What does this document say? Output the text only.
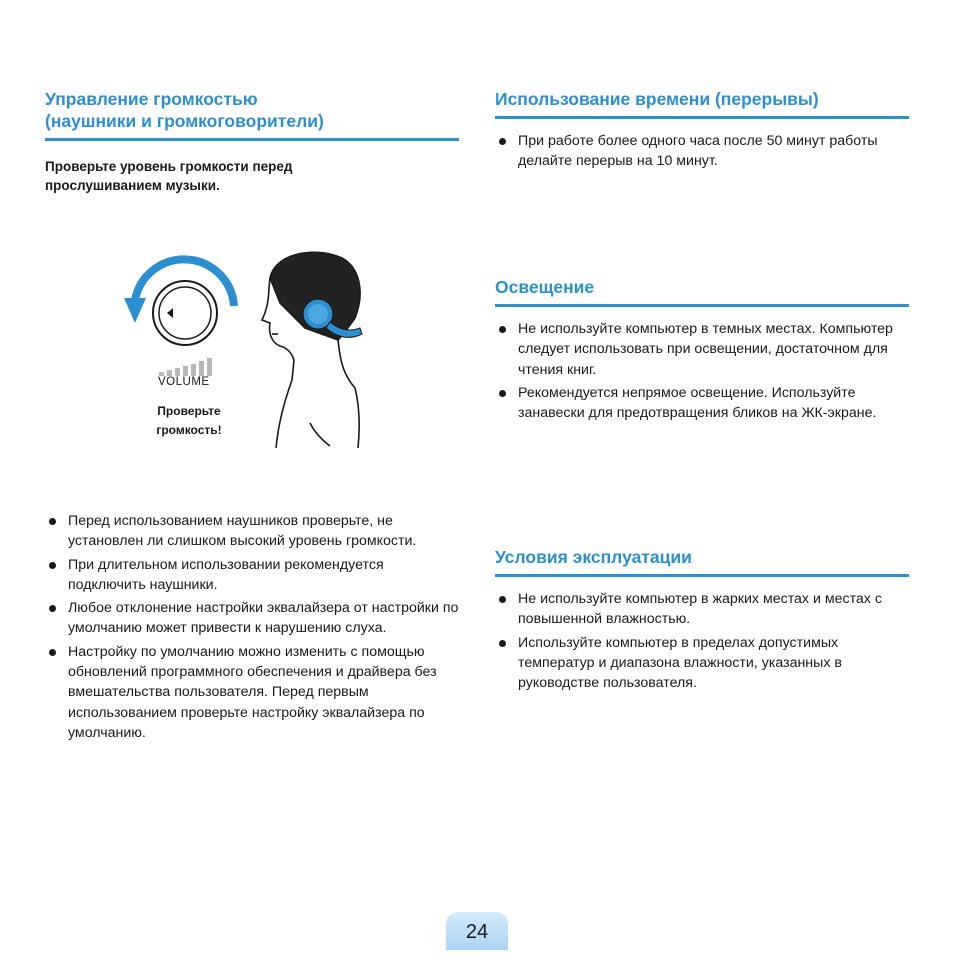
Управление громкостью
(наушники и громкоговорители)
Проверьте уровень громкости перед
прослушиванием музыки.
VOLUME
Проверьте
громкость!
Перед использованием наушников проверьте, не установлен ли слишком высокий уровень громкости.
При длительном использовании рекомендуется подключить наушники.
Любое отклонение настройки эквалайзера от настройки по умолчанию может привести к нарушению слуха.
Настройку по умолчанию можно изменить с помощью обновлений программного обеспечения и драйвера без вмешательства пользователя. Перед первым использованием проверьте настройку эквалайзера по умолчанию.
Использование времени (перерывы)
При работе более одного часа после 50 минут работы делайте перерыв на 10 минут.
Освещение
Не используйте компьютер в темных местах. Компьютер следует использовать при освещении, достаточном для чтения книг.
Рекомендуется непрямое освещение. Используйте занавески для предотвращения бликов на ЖК-экране.
Условия эксплуатации
Не используйте компьютер в жарких местах и местах с повышенной влажностью.
Используйте компьютер в пределах допустимых температур и диапазона влажности, указанных в руководстве пользователя.
24
